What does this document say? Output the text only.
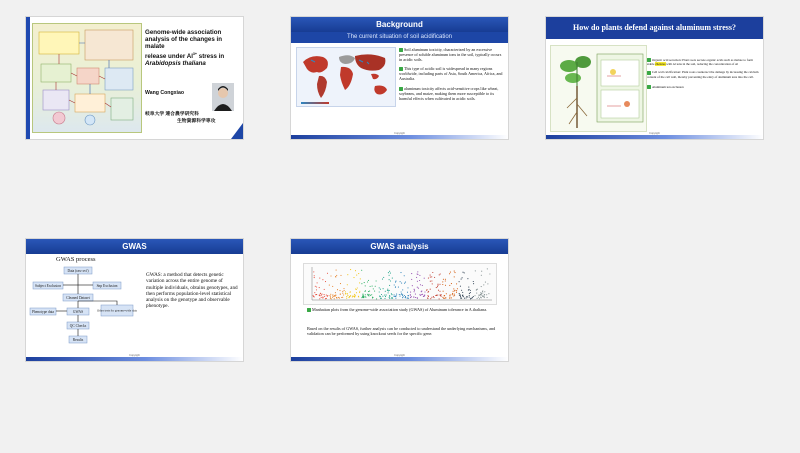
Genome-wide association
analysis of the changes in
malate
release under $Al^{3+}$ stress in
Arabidopsis thaliana
Wang Congxiao
岐阜大学 連合農学研究科
生物資源科学専攻
Background
The current situation of soil acidification
Soil aluminum toxicity, characterized by an excessive presence of soluble aluminum ions in the soil, typically occurs in acidic soils.
This type of acidic soil is widespread in many regions worldwide, including parts of Asia, South America, Africa, and Australia.
aluminum toxicity affects acid-sensitive crops like wheat, soybeans, and maize, making them more susceptible to its harmful effects when cultivated in acidic soils.
Copyright
How do plants defend against aluminum stress?
Organic acid secretion: Plant roots secrete organic acids such as malate to form stable chelates with Al ions in the soil, reducing the concentration of Al
Cell wall calcification: Plant roots counteract the damage by increasing the calcium content of the cell wall, thereby preventing the entry of aluminum ions into the cell.
Aluminum ion exclusion
Copyright
GWAS
GWAS process
Data (raw:vcf)
Subject Exclusion	Snp Exclusion
Cleaned Dataset
Phenotype data	GWAS	Other tests for genome-wide data
QC Checks
Results
GWAS: a method that detects genetic variation across the entire genome of multiple individuals, obtains genotypes, and then performs population-level statistical analysis on the genotype and observable phenotype.
Copyright
GWAS analysis
Manhattan plots from the genome-wide association study (GWAS) of Aluminum tolerance in A.thaliana.
Based on the results of GWAS, further analysis can be conducted to understand the underlying mechanisms, and validation can be performed by using knockout seeds for the specific gene.
Copyright
